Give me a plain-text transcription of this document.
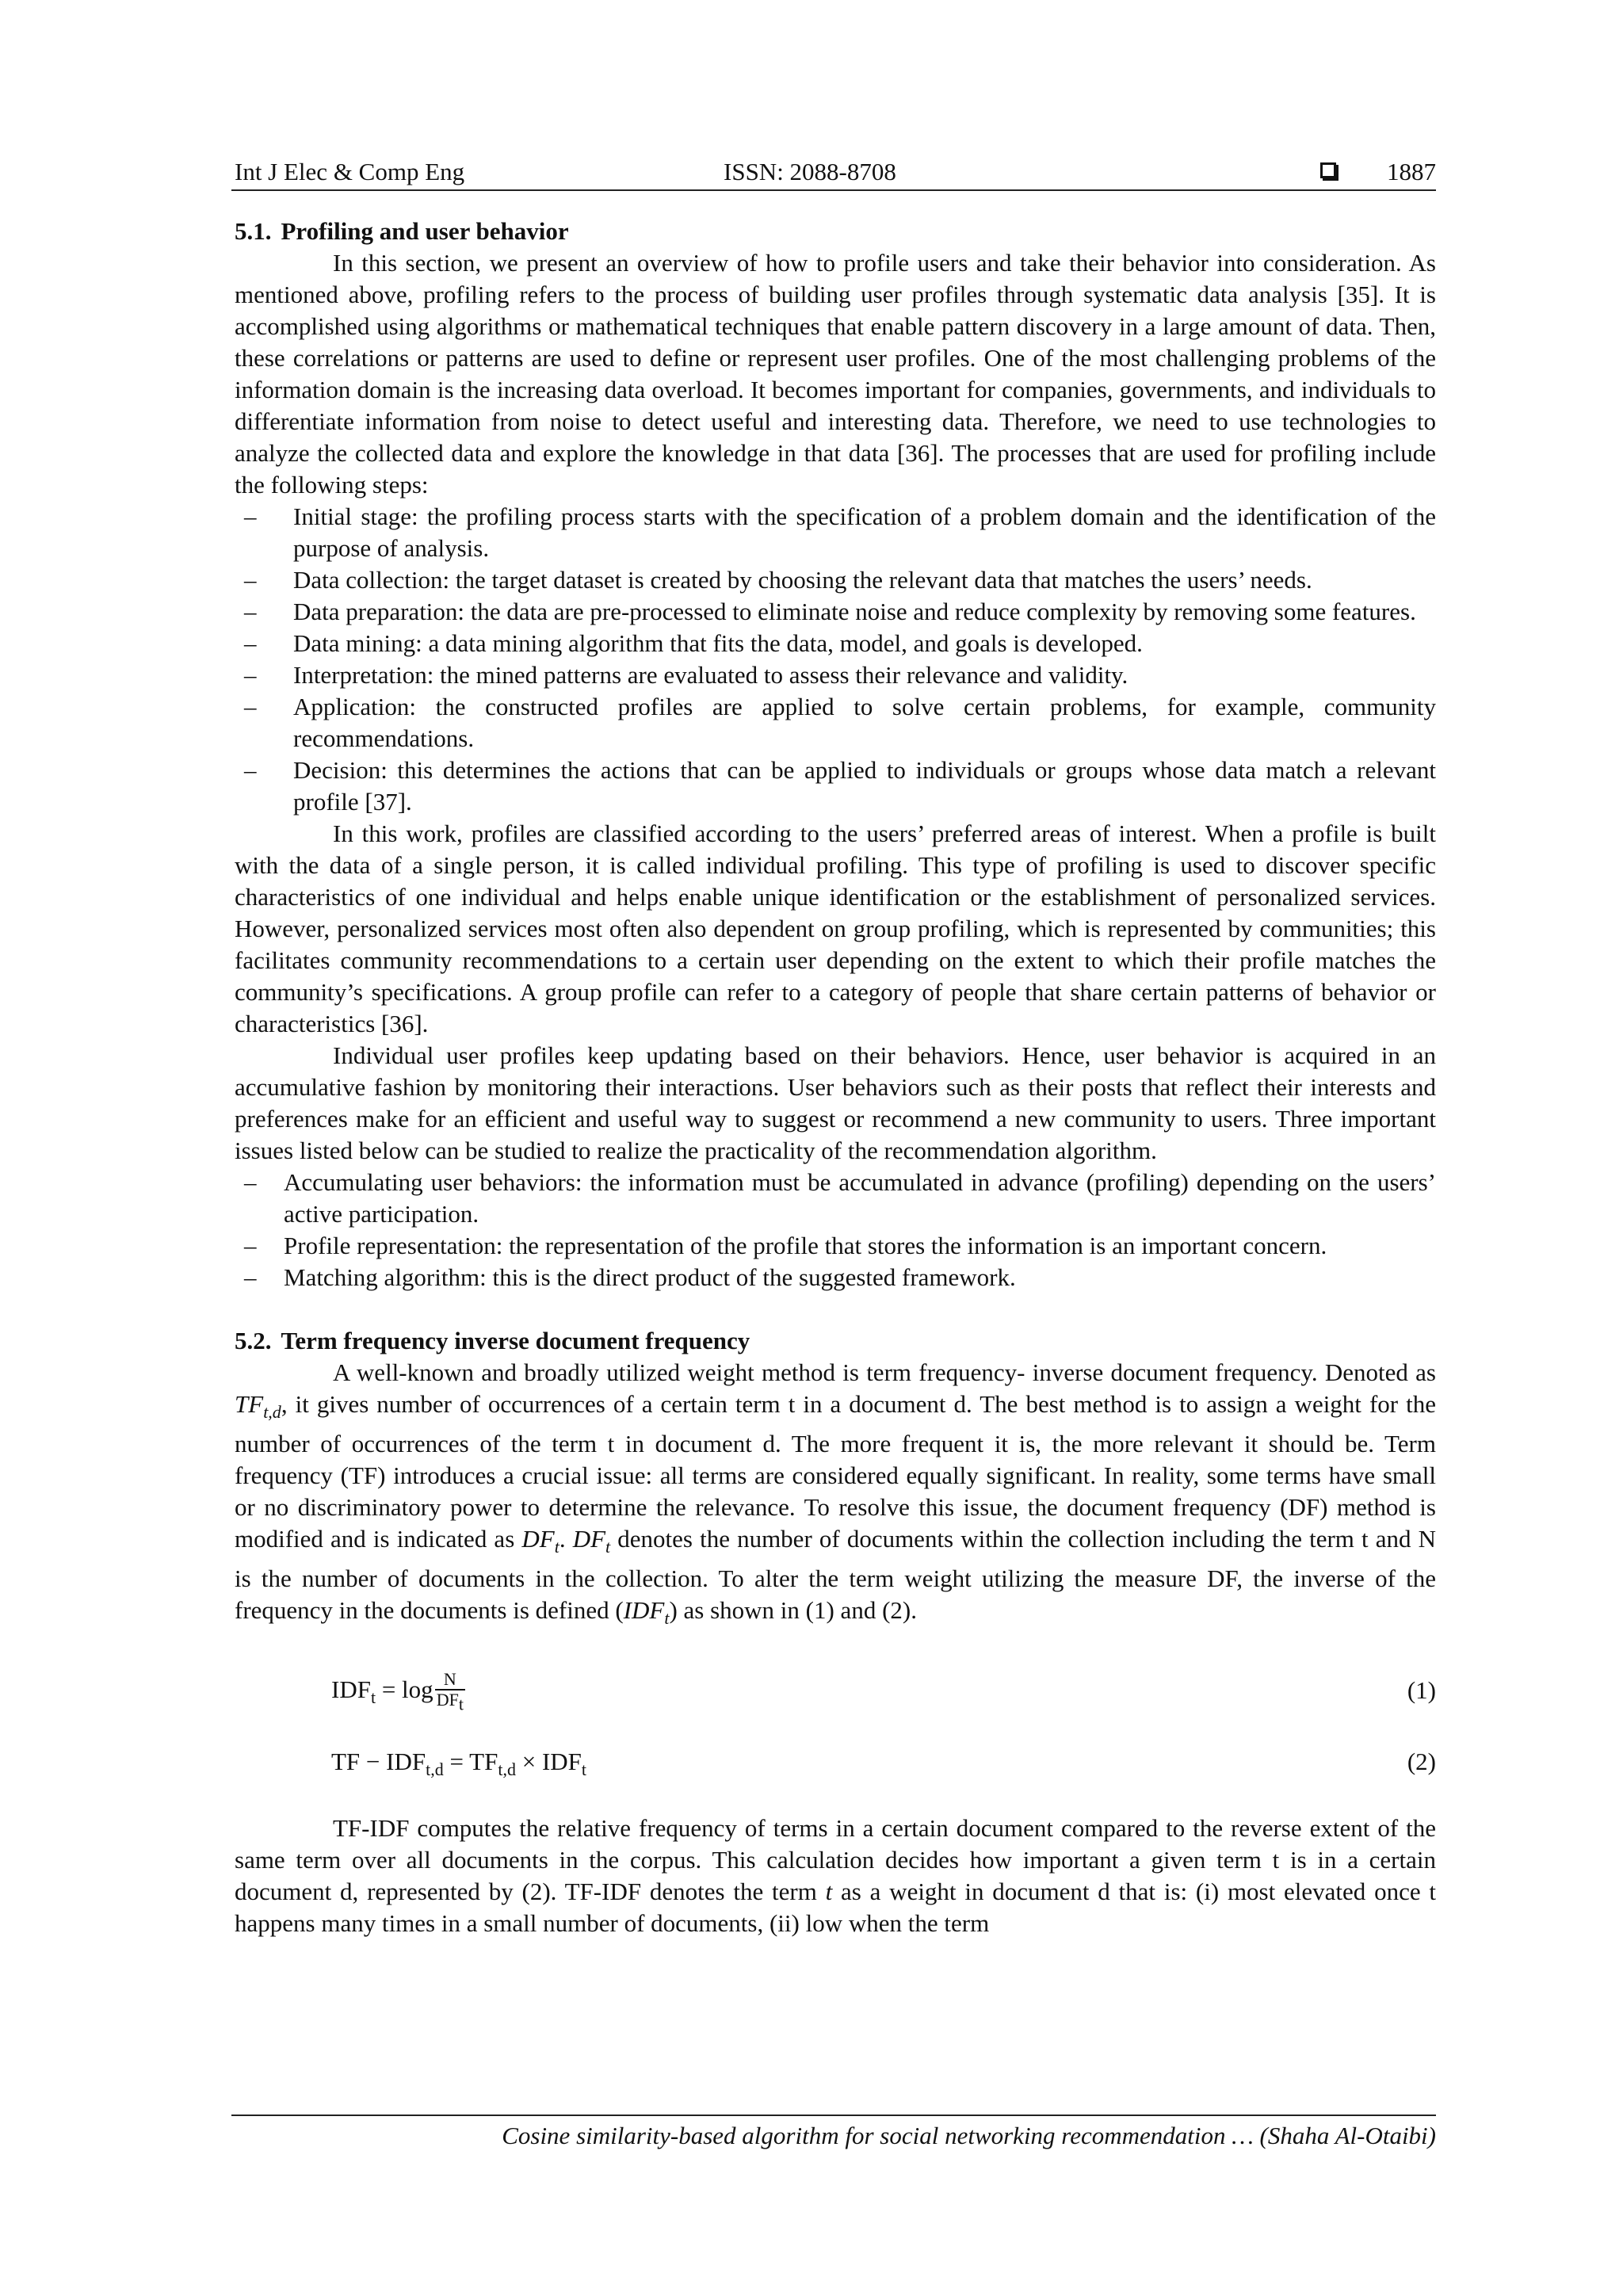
Int J Elec & Comp Eng	ISSN: 2088-8708	1887
5.1. Profiling and user behavior

In this section, we present an overview of how to profile users and take their behavior into consideration. As mentioned above, profiling refers to the process of building user profiles through systematic data analysis [35]. It is accomplished using algorithms or mathematical techniques that enable pattern discovery in a large amount of data. Then, these correlations or patterns are used to define or represent user profiles. One of the most challenging problems of the information domain is the increasing data overload. It becomes important for companies, governments, and individuals to differentiate information from noise to detect useful and interesting data. Therefore, we need to use technologies to analyze the collected data and explore the knowledge in that data [36]. The processes that are used for profiling include the following steps:

– Initial stage: the profiling process starts with the specification of a problem domain and the identification of the purpose of analysis.
– Data collection: the target dataset is created by choosing the relevant data that matches the users’ needs.
– Data preparation: the data are pre-processed to eliminate noise and reduce complexity by removing some features.
– Data mining: a data mining algorithm that fits the data, model, and goals is developed.
– Interpretation: the mined patterns are evaluated to assess their relevance and validity.
– Application: the constructed profiles are applied to solve certain problems, for example, community recommendations.
– Decision: this determines the actions that can be applied to individuals or groups whose data match a relevant profile [37].

In this work, profiles are classified according to the users’ preferred areas of interest. When a profile is built with the data of a single person, it is called individual profiling. This type of profiling is used to discover specific characteristics of one individual and helps enable unique identification or the establishment of personalized services. However, personalized services most often also dependent on group profiling, which is represented by communities; this facilitates community recommendations to a certain user depending on the extent to which their profile matches the community’s specifications. A group profile can refer to a category of people that share certain patterns of behavior or characteristics [36].

Individual user profiles keep updating based on their behaviors. Hence, user behavior is acquired in an accumulative fashion by monitoring their interactions. User behaviors such as their posts that reflect their interests and preferences make for an efficient and useful way to suggest or recommend a new community to users. Three important issues listed below can be studied to realize the practicality of the recommendation algorithm.

– Accumulating user behaviors: the information must be accumulated in advance (profiling) depending on the users’ active participation.
– Profile representation: the representation of the profile that stores the information is an important concern.
– Matching algorithm: this is the direct product of the suggested framework.
5.2. Term frequency inverse document frequency

A well-known and broadly utilized weight method is term frequency- inverse document frequency. Denoted as $TF_{t,d}$, it gives number of occurrences of a certain term t in a document d. The best method is to assign a weight for the number of occurrences of the term t in document d. The more frequent it is, the more relevant it should be. Term frequency (TF) introduces a crucial issue: all terms are considered equally significant. In reality, some terms have small or no discriminatory power to determine the relevance. To resolve this issue, the document frequency (DF) method is modified and is indicated as $DF_t$. $DF_t$ denotes the number of documents within the collection including the term t and N is the number of documents in the collection. To alter the term weight utilizing the measure DF, the inverse of the frequency in the documents is defined $(IDF_t)$ as shown in (1) and (2).

$IDF_t = \log \frac{N}{DF_t}$	(1)
TF − $IDF_{t,d} = TF_{t,d} \times IDF_t$	(2)

TF-IDF computes the relative frequency of terms in a certain document compared to the reverse extent of the same term over all documents in the corpus. This calculation decides how important a given term t is in a certain document d, represented by (2). TF-IDF denotes the term t as a weight in document d that is: (i) most elevated once t happens many times in a small number of documents, (ii) low when the term

Cosine similarity-based algorithm for social networking recommendation … (Shaha Al-Otaibi)
